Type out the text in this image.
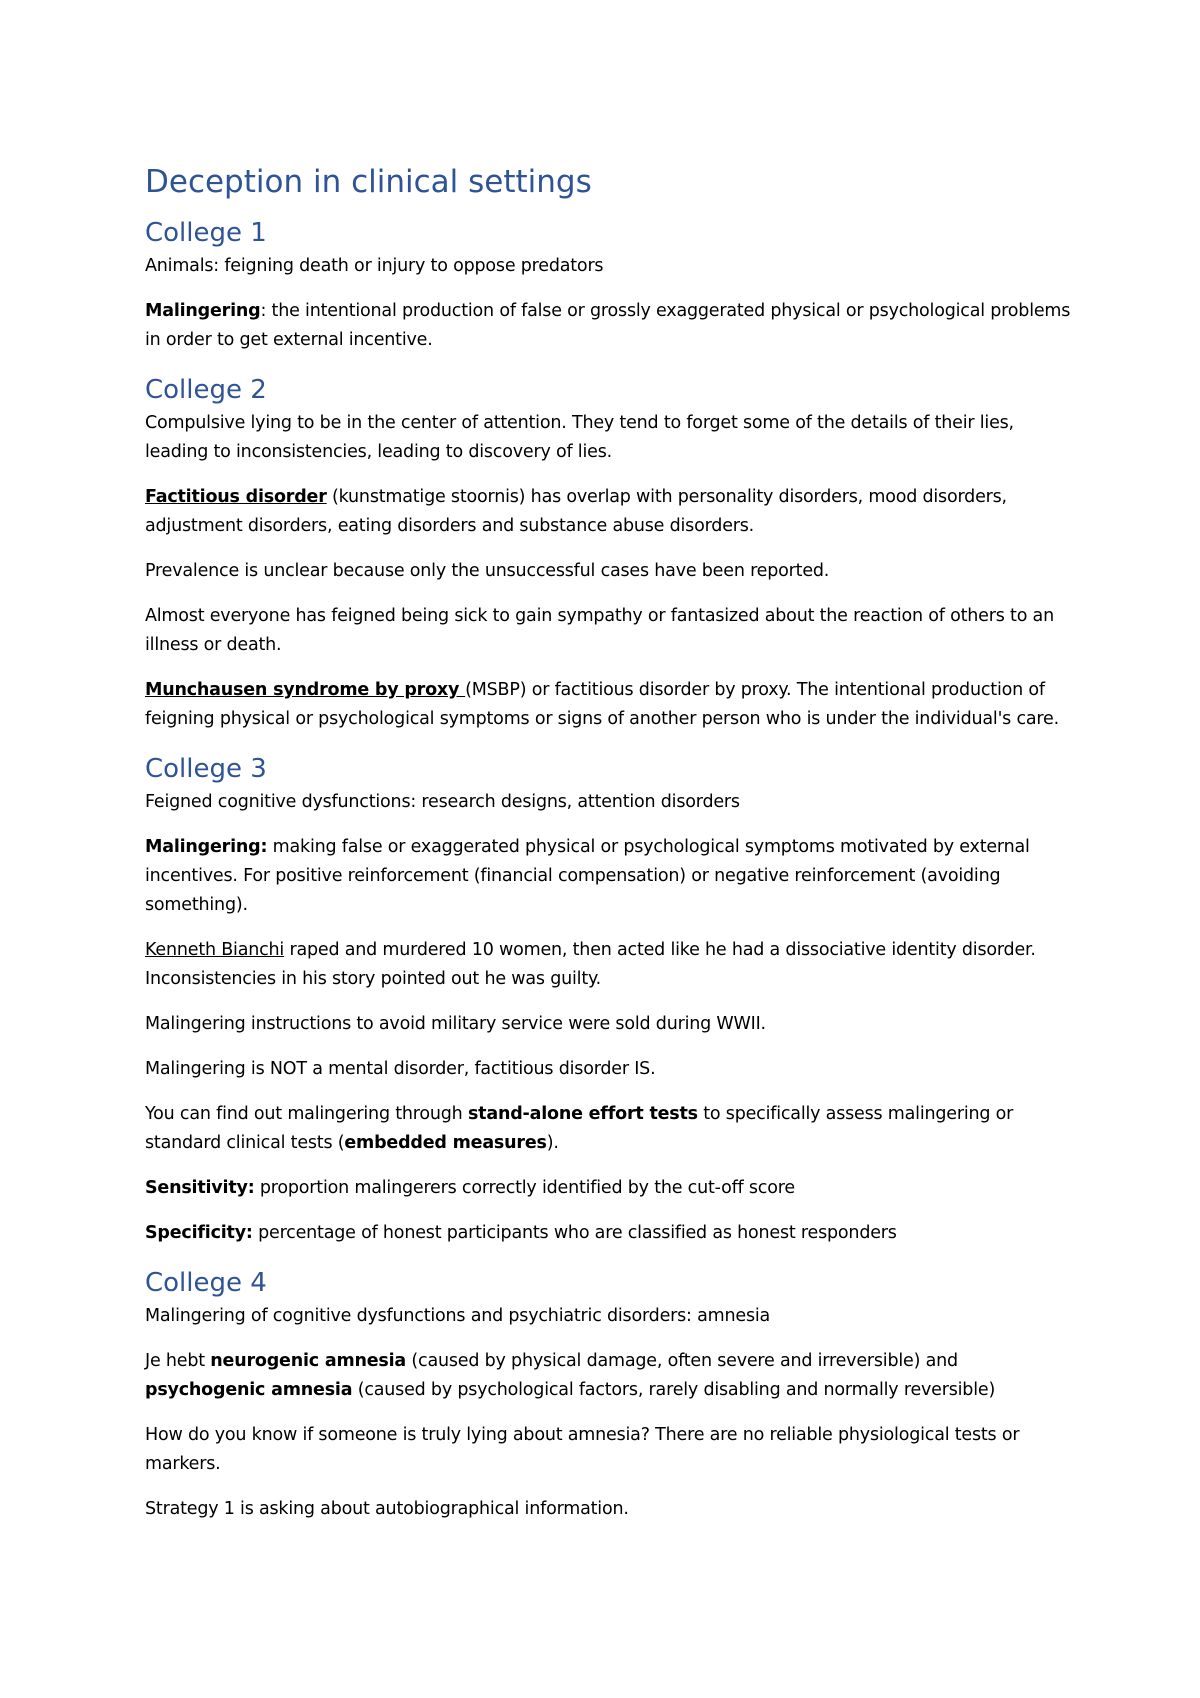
Deception in clinical settings
College 1

Animals: feigning death or injury to oppose predators

Malingering: the intentional production of false or grossly exaggerated physical or psychological problems in order to get external incentive.

College 2

Compulsive lying to be in the center of attention. They tend to forget some of the details of their lies, leading to inconsistencies, leading to discovery of lies.

Factitious disorder (kunstmatige stoornis) has overlap with personality disorders, mood disorders, adjustment disorders, eating disorders and substance abuse disorders.

Prevalence is unclear because only the unsuccessful cases have been reported.

Almost everyone has feigned being sick to gain sympathy or fantasized about the reaction of others to an illness or death.

Munchausen syndrome by proxy (MSBP) or factitious disorder by proxy. The intentional production of feigning physical or psychological symptoms or signs of another person who is under the individual's care.

College 3

Feigned cognitive dysfunctions: research designs, attention disorders

Malingering: making false or exaggerated physical or psychological symptoms motivated by external incentives. For positive reinforcement (financial compensation) or negative reinforcement (avoiding something).

Kenneth Bianchi raped and murdered 10 women, then acted like he had a dissociative identity disorder. Inconsistencies in his story pointed out he was guilty.

Malingering instructions to avoid military service were sold during WWII.

Malingering is NOT a mental disorder, factitious disorder IS.

You can find out malingering through stand-alone effort tests to specifically assess malingering or standard clinical tests (embedded measures).

Sensitivity: proportion malingerers correctly identified by the cut-off score

Specificity: percentage of honest participants who are classified as honest responders

College 4

Malingering of cognitive dysfunctions and psychiatric disorders: amnesia

Je hebt neurogenic amnesia (caused by physical damage, often severe and irreversible) and psychogenic amnesia (caused by psychological factors, rarely disabling and normally reversible)

How do you know if someone is truly lying about amnesia? There are no reliable physiological tests or markers.

Strategy 1 is asking about autobiographical information.
